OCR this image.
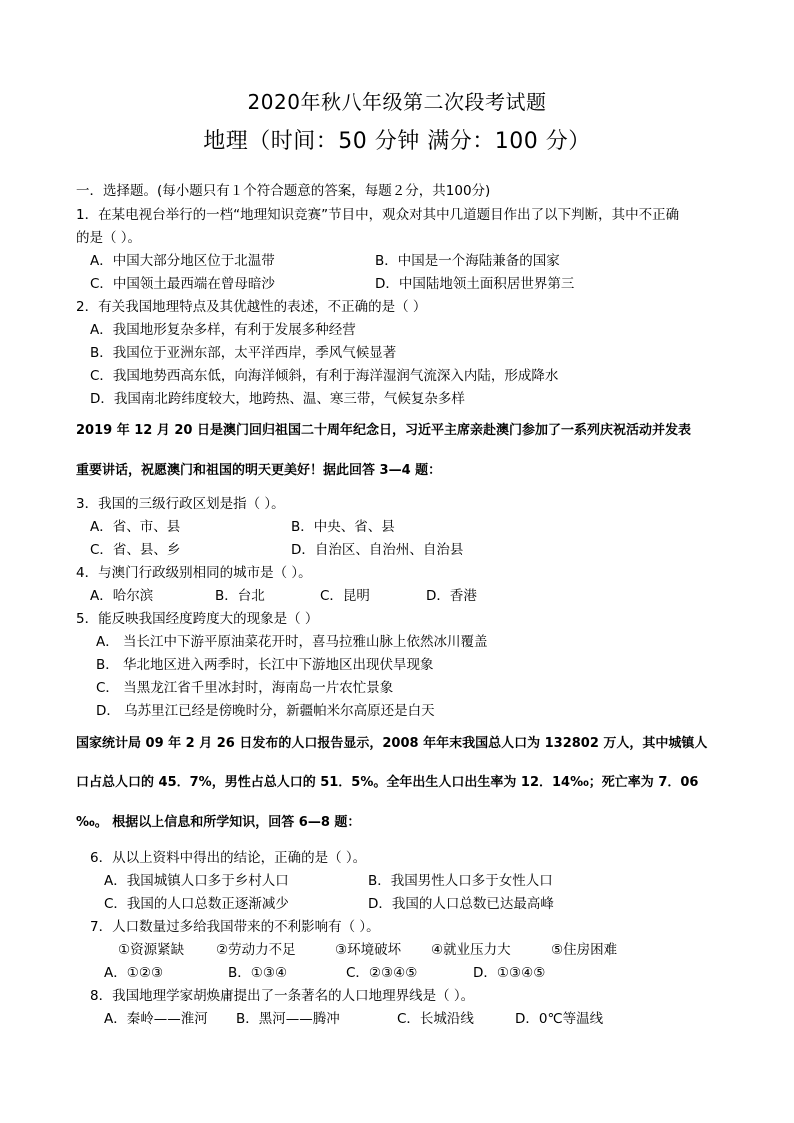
2020年秋八年级第二次段考试题
地理（时间：50 分钟 满分：100 分）
一．选择题。(每小题只有１个符合题意的答案，每题２分，共100分)
1．在某电视台举行的一档“地理知识竞赛”节目中，观众对其中几道题目作出了以下判断，其中不正确
的是（ ）。
A．中国大部分地区位于北温带	B．中国是一个海陆兼备的国家
C．中国领土最西端在曾母暗沙	D．中国陆地领土面积居世界第三
2．有关我国地理特点及其优越性的表述，不正确的是（ ）
A．我国地形复杂多样，有利于发展多种经营
B．我国位于亚洲东部，太平洋西岸，季风气候显著
C．我国地势西高东低，向海洋倾斜，有利于海洋湿润气流深入内陆，形成降水
D．我国南北跨纬度较大，地跨热、温、寒三带，气候复杂多样
2019 年 12 月 20 日是澳门回归祖国二十周年纪念日，习近平主席亲赴澳门参加了一系列庆祝活动并发表
重要讲话，祝愿澳门和祖国的明天更美好！据此回答 3—4 题：
3．我国的三级行政区划是指（ ）。
A．省、市、县	B．中央、省、县
C．省、县、乡	D．自治区、自治州、自治县
4．与澳门行政级别相同的城市是（ ）。
A．哈尔滨	B．台北	C．昆明	D．香港
5．能反映我国经度跨度大的现象是（ ）
A． 当长江中下游平原油菜花开时，喜马拉雅山脉上依然冰川覆盖
B． 华北地区进入两季时，长江中下游地区出现伏旱现象
C． 当黑龙江省千里冰封时，海南岛一片农忙景象
D． 乌苏里江已经是傍晚时分，新疆帕米尔高原还是白天
国家统计局 09 年 2 月 26 日发布的人口报告显示，2008 年年末我国总人口为 132802 万人，其中城镇人
口占总人口的 45．7%，男性占总人口的 51．5%。全年出生人口出生率为 12．14‰；死亡率为 7．06
‰。 根据以上信息和所学知识，回答 6—8 题：
6．从以上资料中得出的结论，正确的是（ ）。
A．我国城镇人口多于乡村人口	B．我国男性人口多于女性人口
C．我国的人口总数正逐渐减少	D．我国的人口总数已达最高峰
7．人口数量过多给我国带来的不利影响有（ ）。
①资源紧缺 ②劳动力不足	③环境破坏 ④就业压力大	⑤住房困难
A．①②③	B．①③④	C．②③④⑤	D．①③④⑤
8．我国地理学家胡焕庸提出了一条著名的人口地理界线是（ ）。
A．秦岭——淮河 B．黑河——腾冲	C．长城沿线	D．0℃等温线
